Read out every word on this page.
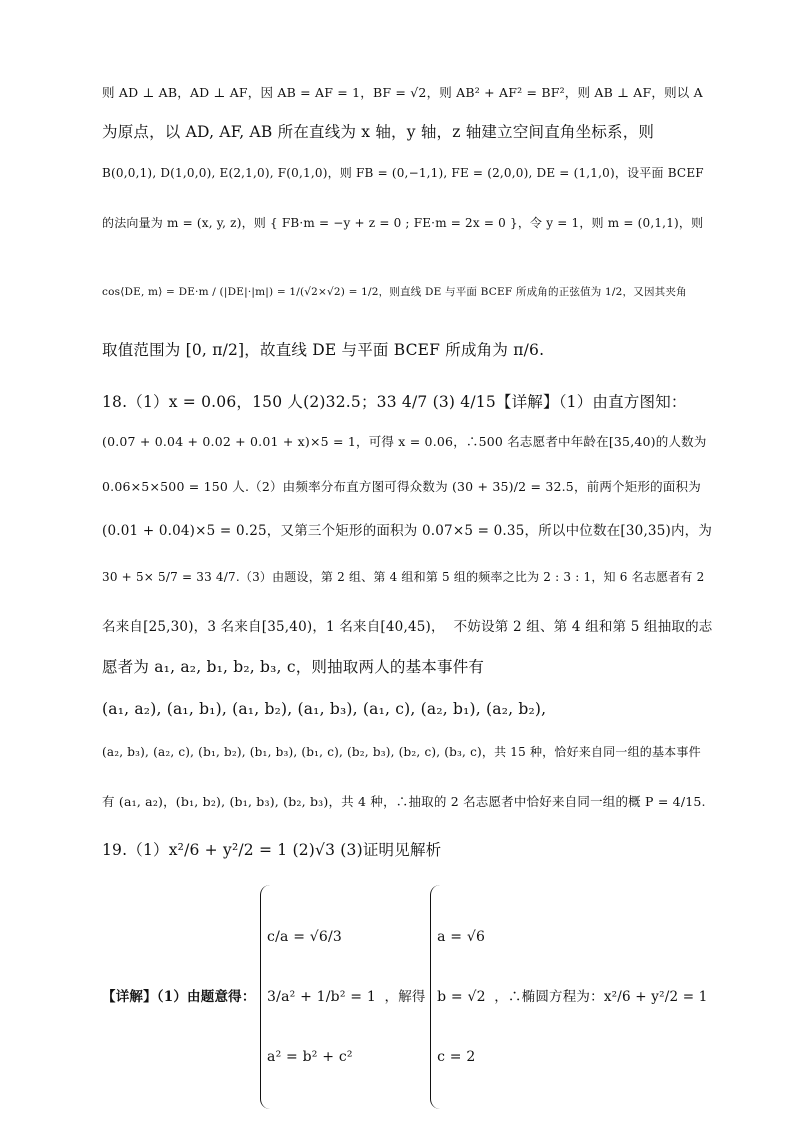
则 AD ⊥ AB，AD ⊥ AF，因 AB = AF = 1，BF = √2，则 AB² + AF² = BF²，则 AB ⊥ AF，则以 A
为原点，以 AD, AF, AB 所在直线为 x 轴，y 轴，z 轴建立空间直角坐标系，则
B(0,0,1), D(1,0,0), E(2,1,0), F(0,1,0)，则 FB = (0,−1,1), FE = (2,0,0), DE = (1,1,0)，设平面 BCEF
的法向量为 m = (x, y, z)，则 { FB·m = −y + z = 0 ; FE·m = 2x = 0 }，令 y = 1，则 m = (0,1,1)，则
cos⟨DE, m⟩ = DE·m / (|DE|·|m|) = 1/(√2×√2) = 1/2，则直线 DE 与平面 BCEF 所成角的正弦值为 1/2，又因其夹角
取值范围为 [0, π/2]，故直线 DE 与平面 BCEF 所成角为 π/6.
18.（1）x = 0.06，150 人(2)32.5；33 4/7 (3) 4/15【详解】（1）由直方图知：
(0.07 + 0.04 + 0.02 + 0.01 + x)×5 = 1，可得 x = 0.06，∴500 名志愿者中年龄在[35,40)的人数为
0.06×5×500 = 150 人.（2）由频率分布直方图可得众数为 (30 + 35)/2 = 32.5，前两个矩形的面积为
(0.01 + 0.04)×5 = 0.25，又第三个矩形的面积为 0.07×5 = 0.35，所以中位数在[30,35)内，为
30 + 5× 5/7 = 33 4/7.（3）由题设，第 2 组、第 4 组和第 5 组的频率之比为 2 : 3 : 1，知 6 名志愿者有 2
名来自[25,30)，3 名来自[35,40)，1 名来自[40,45)，  不妨设第 2 组、第 4 组和第 5 组抽取的志
愿者为 a₁, a₂, b₁, b₂, b₃, c，则抽取两人的基本事件有
(a₁, a₂), (a₁, b₁), (a₁, b₂), (a₁, b₃), (a₁, c), (a₂, b₁), (a₂, b₂),
(a₂, b₃), (a₂, c), (b₁, b₂), (b₁, b₃), (b₁, c), (b₂, b₃), (b₂, c), (b₃, c)，共 15 种，恰好来自同一组的基本事件
有 (a₁, a₂)，(b₁, b₂), (b₁, b₃), (b₂, b₃)，共 4 种，∴抽取的 2 名志愿者中恰好来自同一组的概 P = 4/15.
19.（1）x²/6 + y²/2 = 1 (2)√3 (3)证明见解析
【详解】（1）由题意得：

c/a = √6/3

3/a² + 1/b² = 1

a² = b² + c²

，解得

a = √6

b = √2

c = 2

，∴椭圆方程为：x²/6 + y²/2 = 1
